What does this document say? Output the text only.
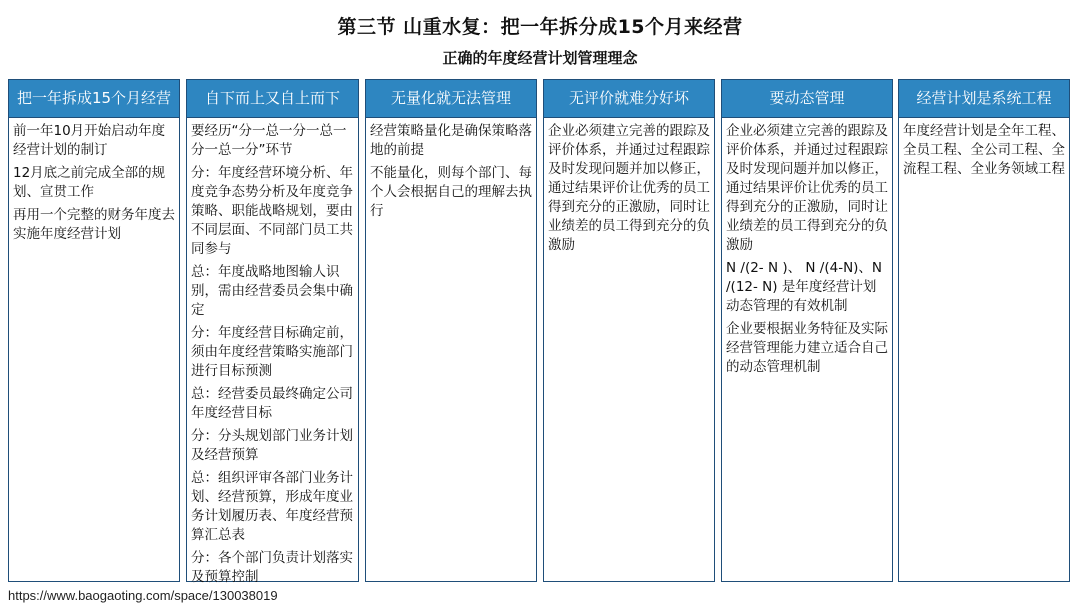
第三节 山重水复：把一年拆分成15个月来经营
正确的年度经营计划管理理念
把一年拆成15个月经营
前一年10月开始启动年度经营计划的制订
12月底之前完成全部的规划、宣贯工作
再用一个完整的财务年度去实施年度经营计划
自下而上又自上而下
要经历“分一总一分一总一分一总一分”环节
分：年度经营环境分析、年度竞争态势分析及年度竞争策略、职能战略规划，要由不同层面、不同部门员工共同参与
总：年度战略地图输人识别，需由经营委员会集中确定
分：年度经营目标确定前，须由年度经营策略实施部门进行目标预测
总：经营委员最终确定公司年度经营目标
分：分头规划部门业务计划及经营预算
总：组织评审各部门业务计划、经营预算，形成年度业务计划履历表、年度经营预算汇总表
分：各个部门负责计划落实及预算控制
无量化就无法管理
经营策略量化是确保策略落地的前提
不能量化，则每个部门、每个人会根据自己的理解去执行
无评价就难分好坏
企业必须建立完善的跟踪及评价体系，并通过过程跟踪及时发现问题并加以修正，通过结果评价让优秀的员工得到充分的正激励，同时让业绩差的员工得到充分的负激励
要动态管理
企业必须建立完善的跟踪及评价体系，并通过过程跟踪及时发现问题并加以修正，通过结果评价让优秀的员工得到充分的正激励，同时让业绩差的员工得到充分的负激励
N /(2- N )、 N /(4-N)、N /(12- N) 是年度经营计划动态管理的有效机制
企业要根据业务特征及实际经营管理能力建立适合自己的动态管理机制
经营计划是系统工程
年度经营计划是全年工程、全员工程、全公司工程、全流程工程、全业务领域工程
https://www.baogaoting.com/space/130038019
